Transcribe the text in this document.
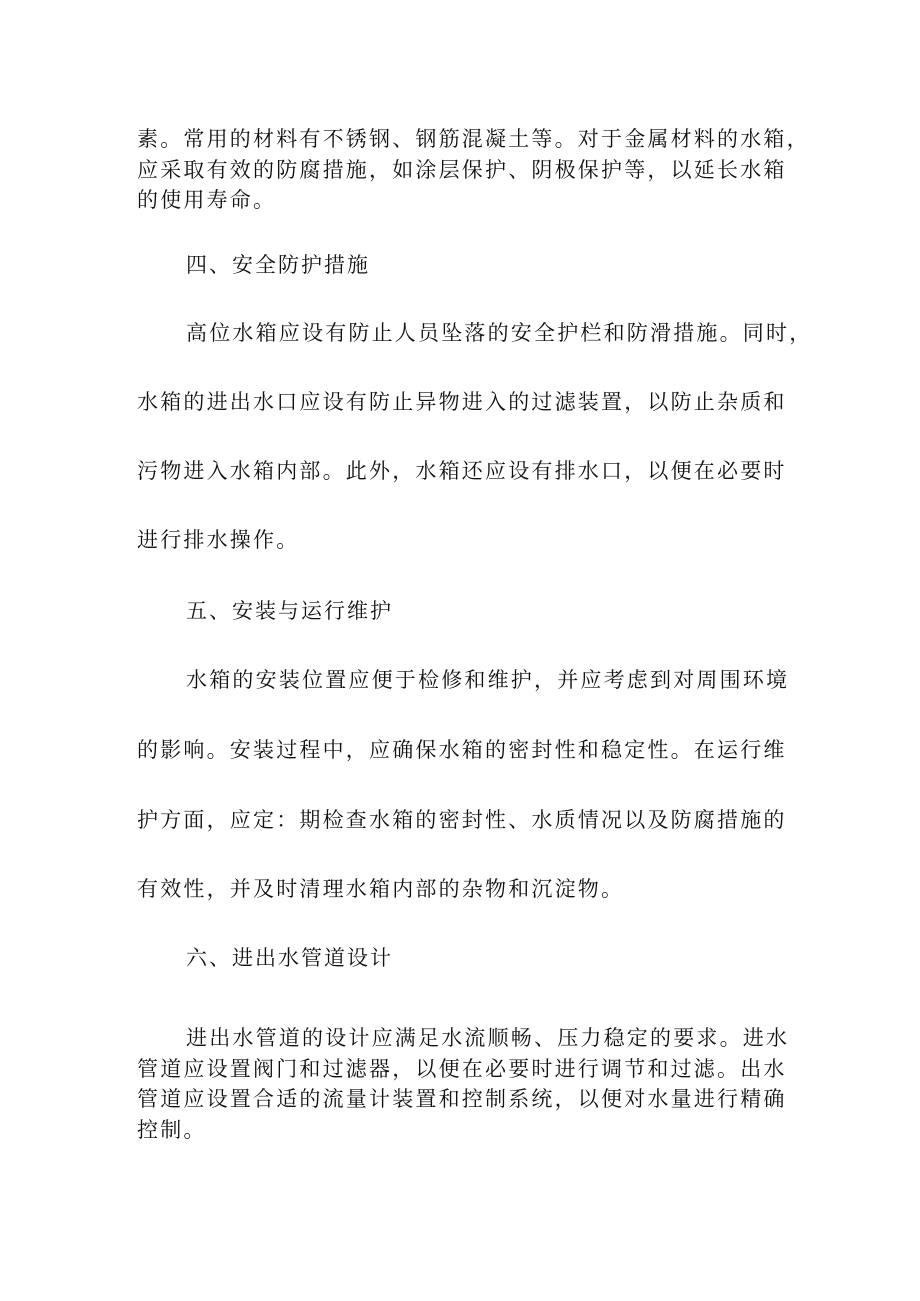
素。常用的材料有不锈钢、钢筋混凝土等。对于金属材料的水箱，

应采取有效的防腐措施，如涂层保护、阴极保护等，以延长水箱

的使用寿命。

四、安全防护措施

高位水箱应设有防止人员坠落的安全护栏和防滑措施。同时，

水箱的进出水口应设有防止异物进入的过滤装置，以防止杂质和

污物进入水箱内部。此外，水箱还应设有排水口，以便在必要时

进行排水操作。

五、安装与运行维护

水箱的安装位置应便于检修和维护，并应考虑到对周围环境

的影响。安装过程中，应确保水箱的密封性和稳定性。在运行维

护方面，应定：期检查水箱的密封性、水质情况以及防腐措施的

有效性，并及时清理水箱内部的杂物和沉淀物。

六、进出水管道设计

进出水管道的设计应满足水流顺畅、压力稳定的要求。进水

管道应设置阀门和过滤器，以便在必要时进行调节和过滤。出水

管道应设置合适的流量计装置和控制系统，以便对水量进行精确

控制。
